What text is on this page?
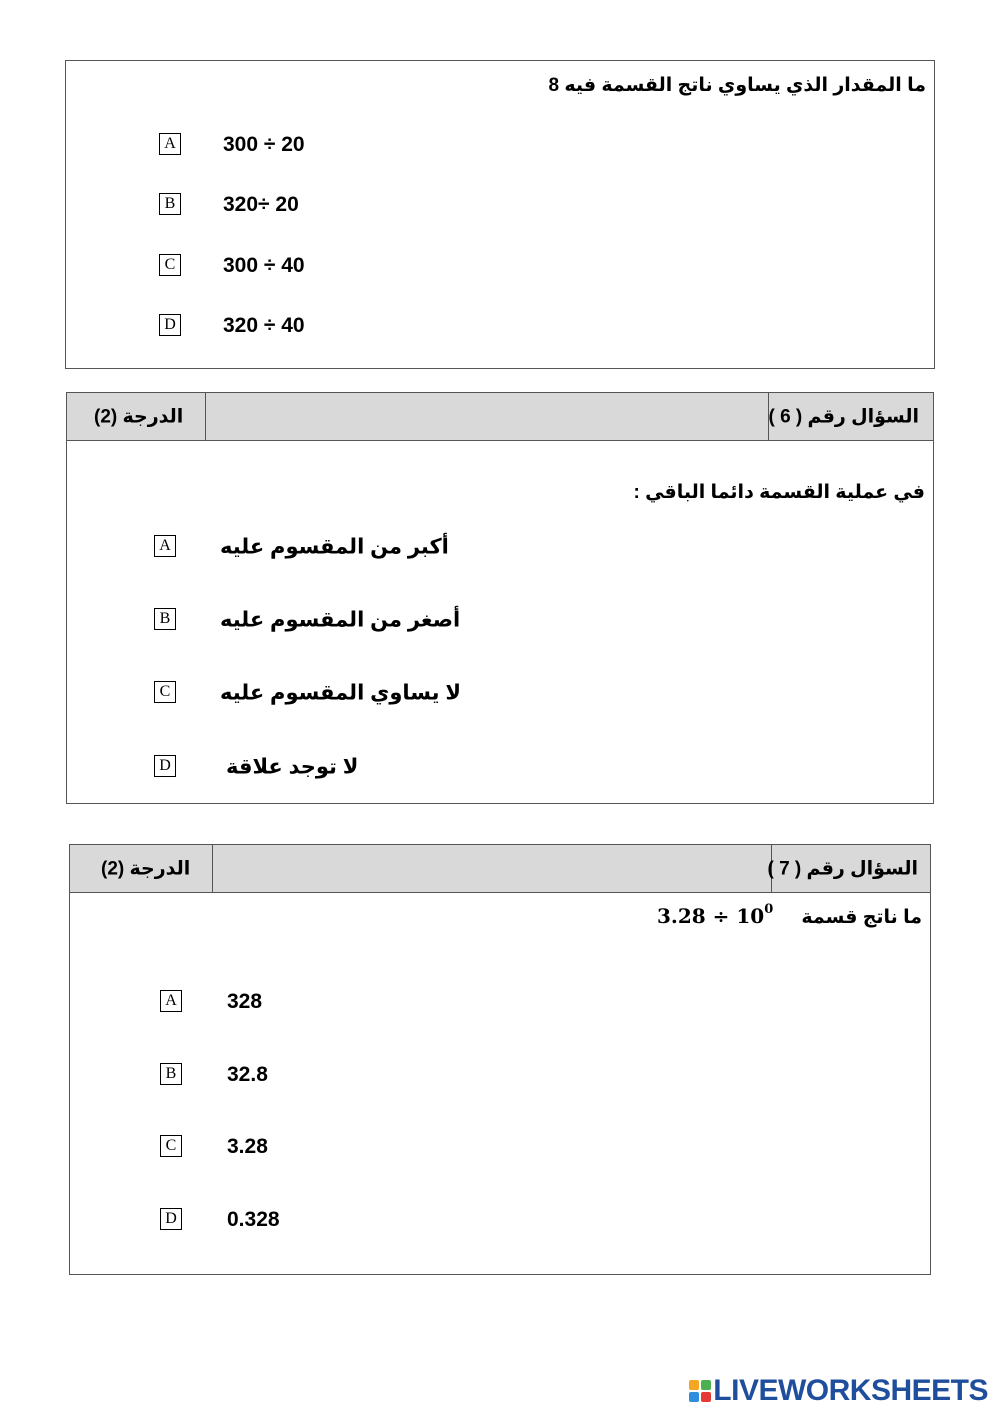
ما المقدار الذي يساوي ناتج القسمة فيه 8
A 300 ÷ 20
B 320÷ 20
C 300 ÷ 40
D 320 ÷ 40
الدرجة (2)	السؤال رقم ( 6 )
في عملية القسمة دائما الباقي :
A أكبر من المقسوم عليه
B أصغر من المقسوم عليه
C لا يساوي المقسوم عليه
D	لا توجد علاقة
الدرجة (2)	السؤال رقم ( 7 )
ما ناتج قسمة
$3.28 \div 10^0$
A 328
B 32.8
C 3.28
D 0.328
LIVEWORKSHEETS
